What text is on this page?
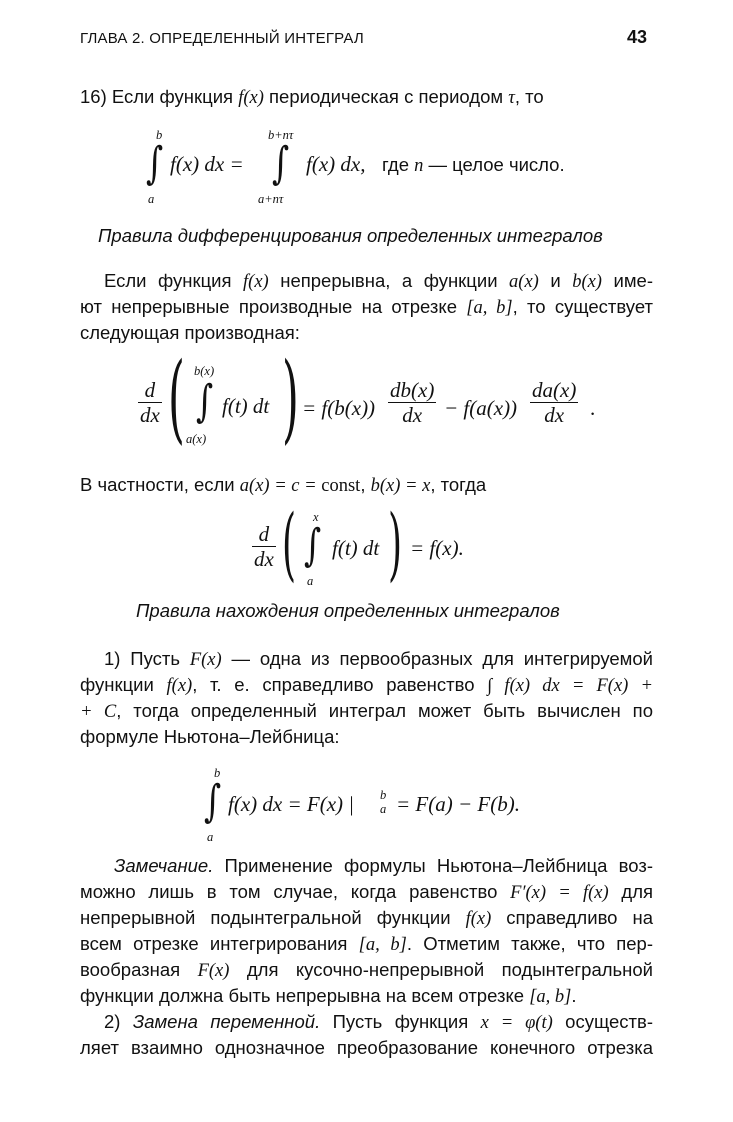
ГЛАВА 2. ОПРЕДЕЛЕННЫЙ ИНТЕГРАЛ	43
16) Если функция f(x) периодическая с периодом τ, то
b
∫
a
f(x) dx =
b+nτ
∫
a+nτ
f(x) dx, где n — целое число.
Правила дифференцирования определенных интегралов
Если функция f(x) непрерывна, а функции a(x) и b(x) име-
ют непрерывные производные на отрезке [a, b], то существует
следующая производная:
d
dx ( b(x)
∫
a(x)
f(t) dt ) = f(b(x))
db(x)
dx − f(a(x))
da(x)
dx .
В частности, если a(x) = c = const, b(x) = x, тогда
d
dx ( x
∫
a
f(t) dt ) = f(x).
Правила нахождения определенных интегралов
1) Пусть F(x) — одна из первообразных для интегрируемой
функции f(x), т. е. справедливо равенство ∫ f(x) dx = F(x) +
+ C, тогда определенный интеграл может быть вычислен по
формуле Ньютона–Лейбница:
b
∫
a
f(x) dx = F(x) | b
a = F(a) − F(b).
Замечание. Применение формулы Ньютона–Лейбница воз-
можно лишь в том случае, когда равенство F′(x) = f(x) для
непрерывной подынтегральной функции f(x) справедливо на
всем отрезке интегрирования [a, b]. Отметим также, что пер-
вообразная F(x) для кусочно-непрерывной подынтегральной
функции должна быть непрерывна на всем отрезке [a, b].
2) Замена переменной. Пусть функция x = φ(t) осуществ-
ляет взаимно однозначное преобразование конечного отрезка
